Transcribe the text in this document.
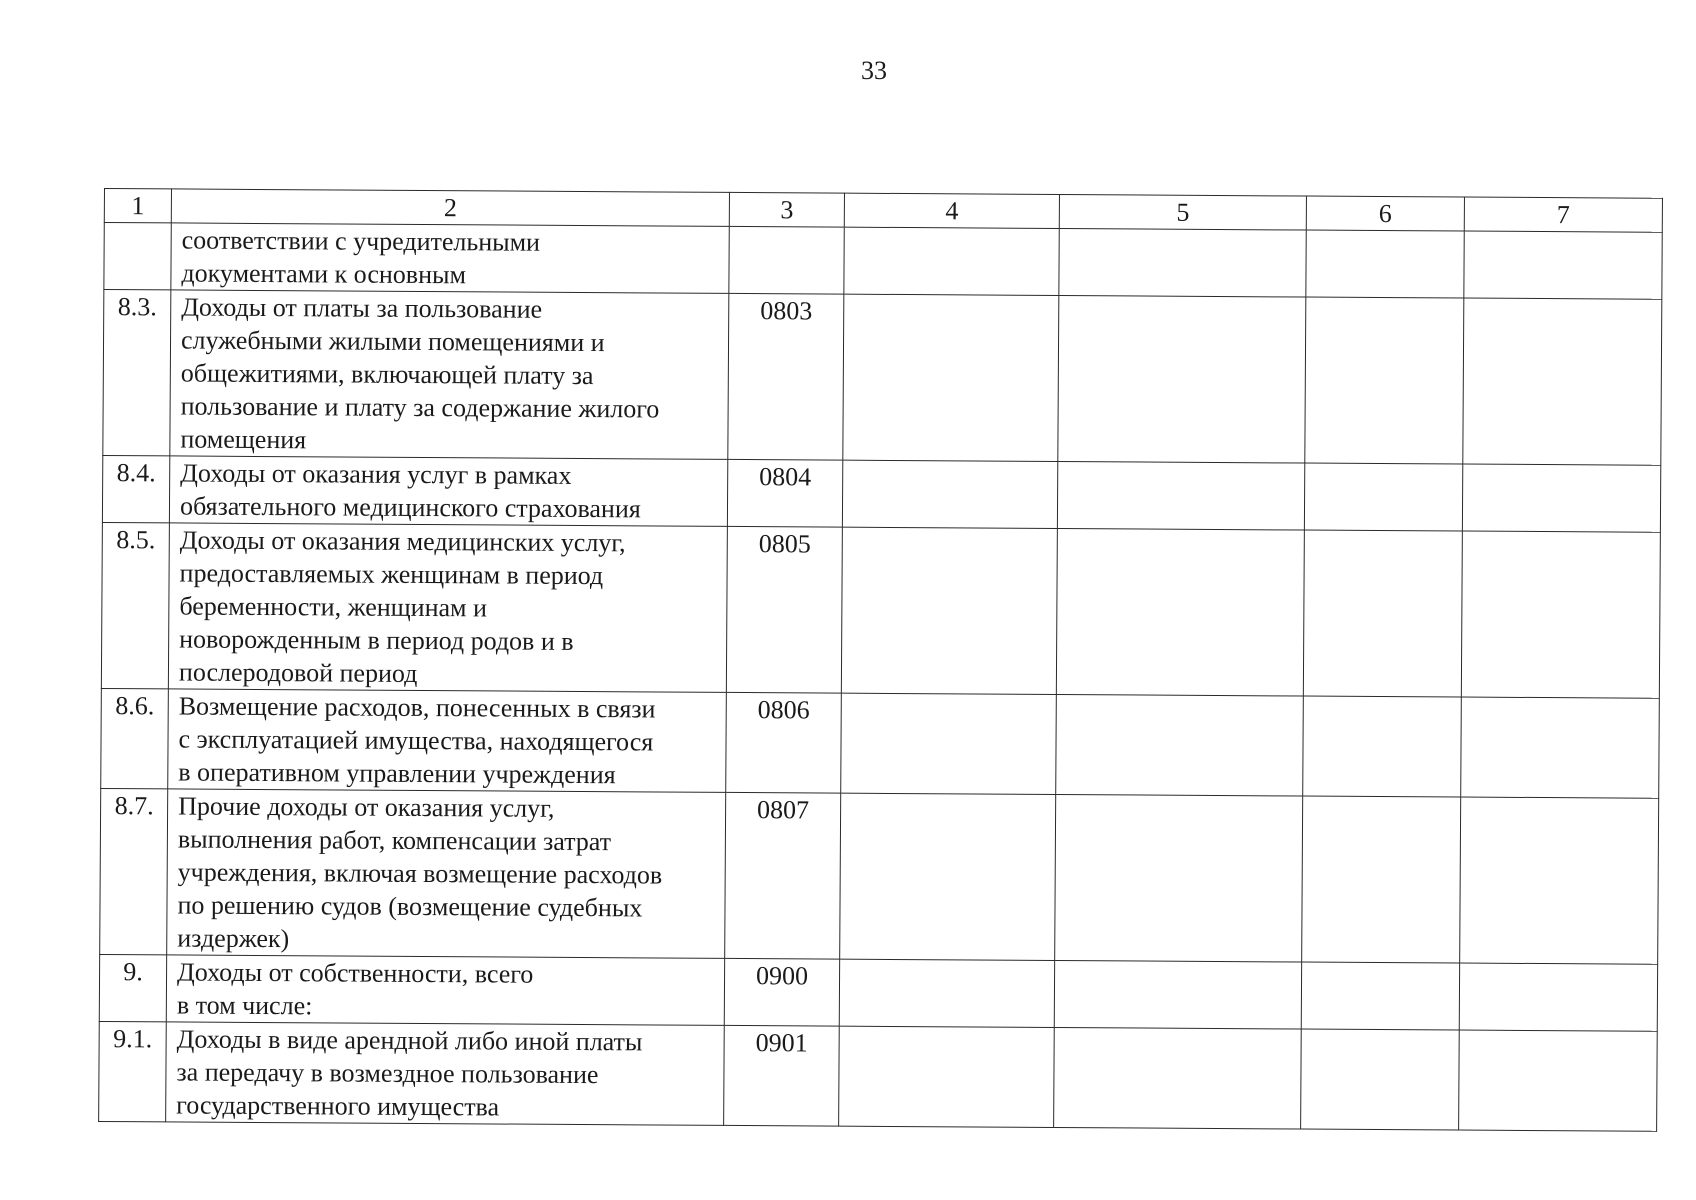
33
1	2	3	4	5	6	7

	соответствии с учредительными
документами к основным					

8.3.	Доходы от платы за пользование
служебными жилыми помещениями и
общежитиями, включающей плату за
пользование и плату за содержание жилого
помещения	0803				
8.4.	Доходы от оказания услуг в рамках
обязательного медицинского страхования	0804				
8.5.	Доходы от оказания медицинских услуг,
предоставляемых женщинам в период
беременности, женщинам и
новорожденным в период родов и в
послеродовой период	0805				
8.6.	Возмещение расходов, понесенных в связи
с эксплуатацией имущества, находящегося
в оперативном управлении учреждения	0806				
8.7.	Прочие доходы от оказания услуг,
выполнения работ, компенсации затрат
учреждения, включая возмещение расходов
по решению судов (возмещение судебных
издержек)	0807				
9.	Доходы от собственности, всего
в том числе:	0900				
9.1.	Доходы в виде арендной либо иной платы
за передачу в возмездное пользование
государственного имущества	0901				
